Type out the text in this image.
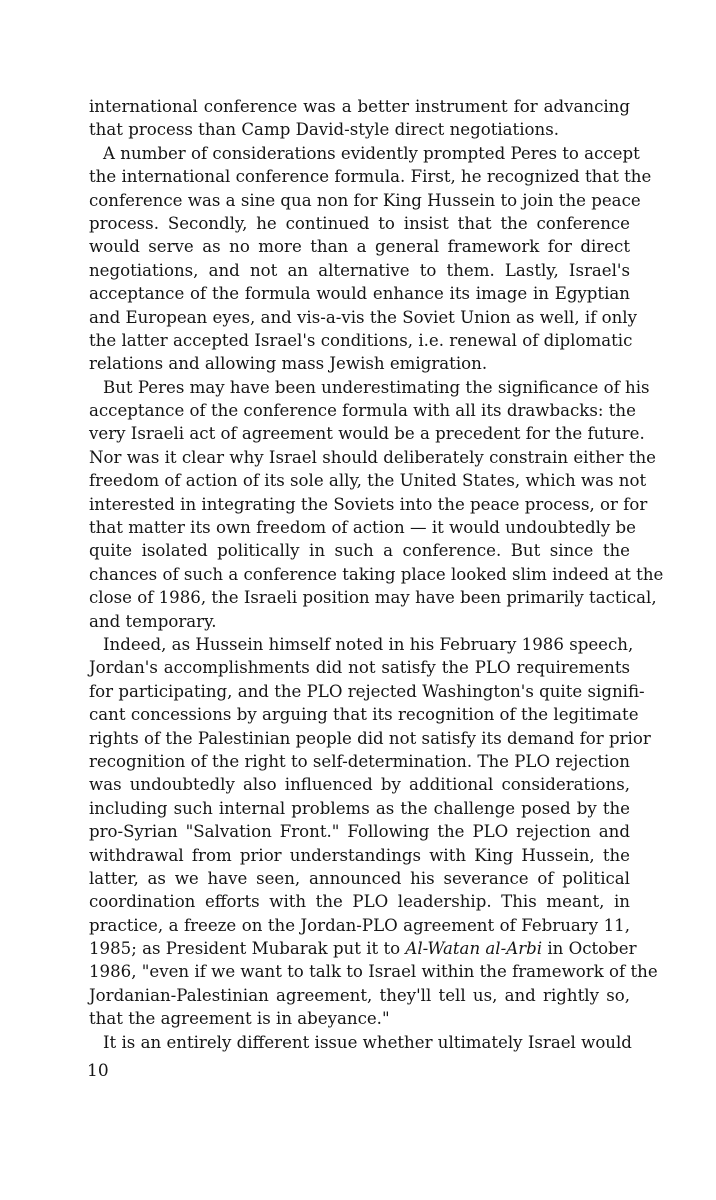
international conference was a better instrument for advancing
that process than Camp David-style direct negotiations.
A number of considerations evidently prompted Peres to accept
the international conference formula. First, he recognized that the
conference was a sine qua non for King Hussein to join the peace
process. Secondly, he continued to insist that the conference
would serve as no more than a general framework for direct
negotiations, and not an alternative to them. Lastly, Israel's
acceptance of the formula would enhance its image in Egyptian
and European eyes, and vis-a-vis the Soviet Union as well, if only
the latter accepted Israel's conditions, i.e. renewal of diplomatic
relations and allowing mass Jewish emigration.
But Peres may have been underestimating the significance of his
acceptance of the conference formula with all its drawbacks: the
very Israeli act of agreement would be a precedent for the future.
Nor was it clear why Israel should deliberately constrain either the
freedom of action of its sole ally, the United States, which was not
interested in integrating the Soviets into the peace process, or for
that matter its own freedom of action — it would undoubtedly be
quite isolated politically in such a conference. But since the
chances of such a conference taking place looked slim indeed at the
close of 1986, the Israeli position may have been primarily tactical,
and temporary.
Indeed, as Hussein himself noted in his February 1986 speech,
Jordan's accomplishments did not satisfy the PLO requirements
for participating, and the PLO rejected Washington's quite signifi-
cant concessions by arguing that its recognition of the legitimate
rights of the Palestinian people did not satisfy its demand for prior
recognition of the right to self-determination. The PLO rejection
was undoubtedly also influenced by additional considerations,
including such internal problems as the challenge posed by the
pro-Syrian "Salvation Front." Following the PLO rejection and
withdrawal from prior understandings with King Hussein, the
latter, as we have seen, announced his severance of political
coordination efforts with the PLO leadership. This meant, in
practice, a freeze on the Jordan-PLO agreement of February 11,
1985; as President Mubarak put it to Al-Watan al-Arbi in October
1986, "even if we want to talk to Israel within the framework of the
Jordanian-Palestinian agreement, they'll tell us, and rightly so,
that the agreement is in abeyance."
It is an entirely different issue whether ultimately Israel would
10
